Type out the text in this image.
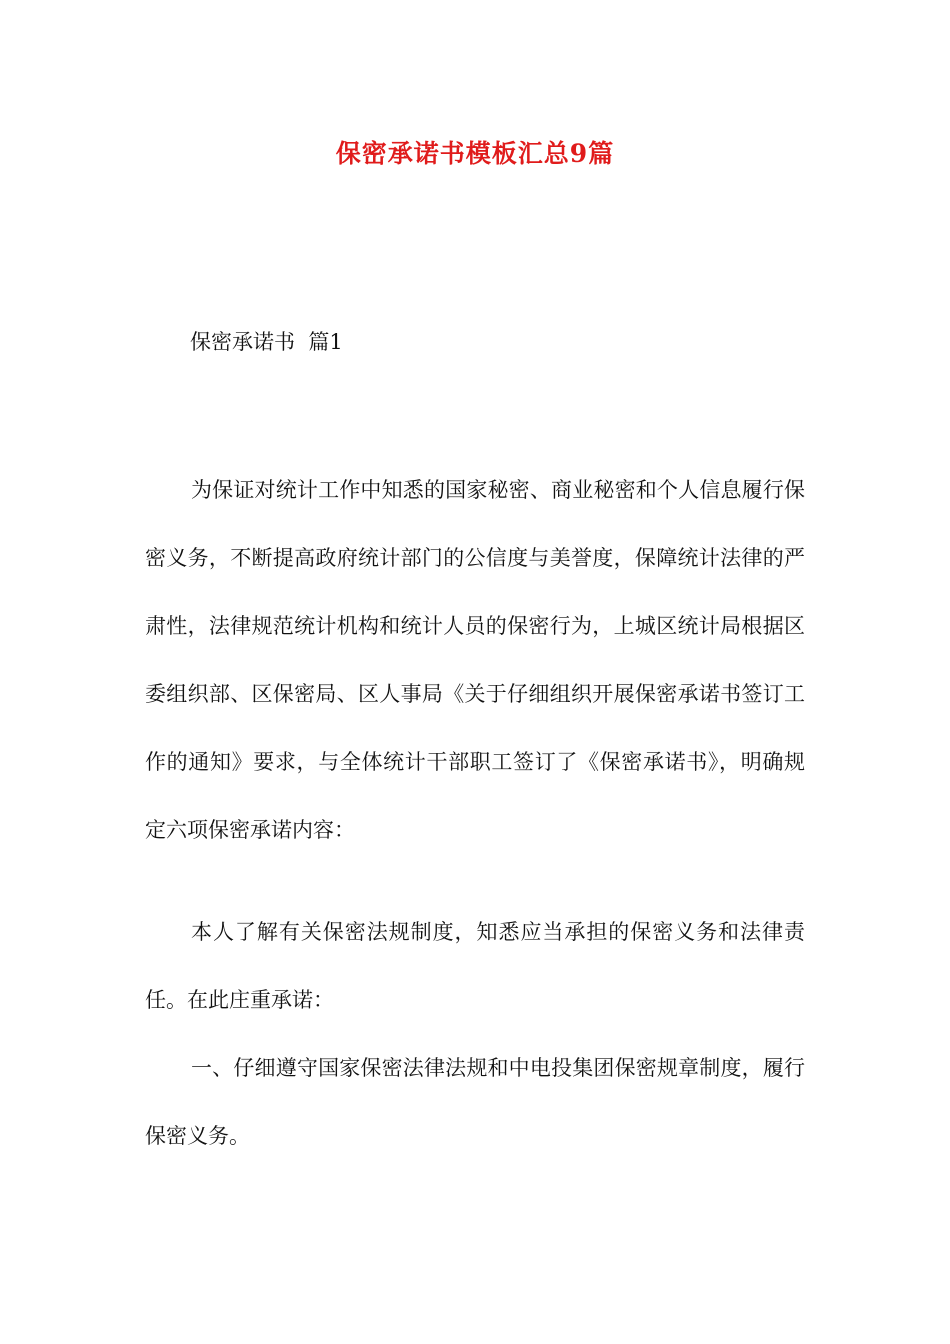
保密承诺书模板汇总9篇
保密承诺书  篇1

为保证对统计工作中知悉的国家秘密、商业秘密和个人信息履行保密义务，不断提高政府统计部门的公信度与美誉度，保障统计法律的严肃性，法律规范统计机构和统计人员的保密行为，上城区统计局根据区委组织部、区保密局、区人事局《关于仔细组织开展保密承诺书签订工作的通知》要求，与全体统计干部职工签订了《保密承诺书》，明确规定六项保密承诺内容：

本人了解有关保密法规制度，知悉应当承担的保密义务和法律责任。在此庄重承诺：

一、仔细遵守国家保密法律法规和中电投集团保密规章制度，履行保密义务。
